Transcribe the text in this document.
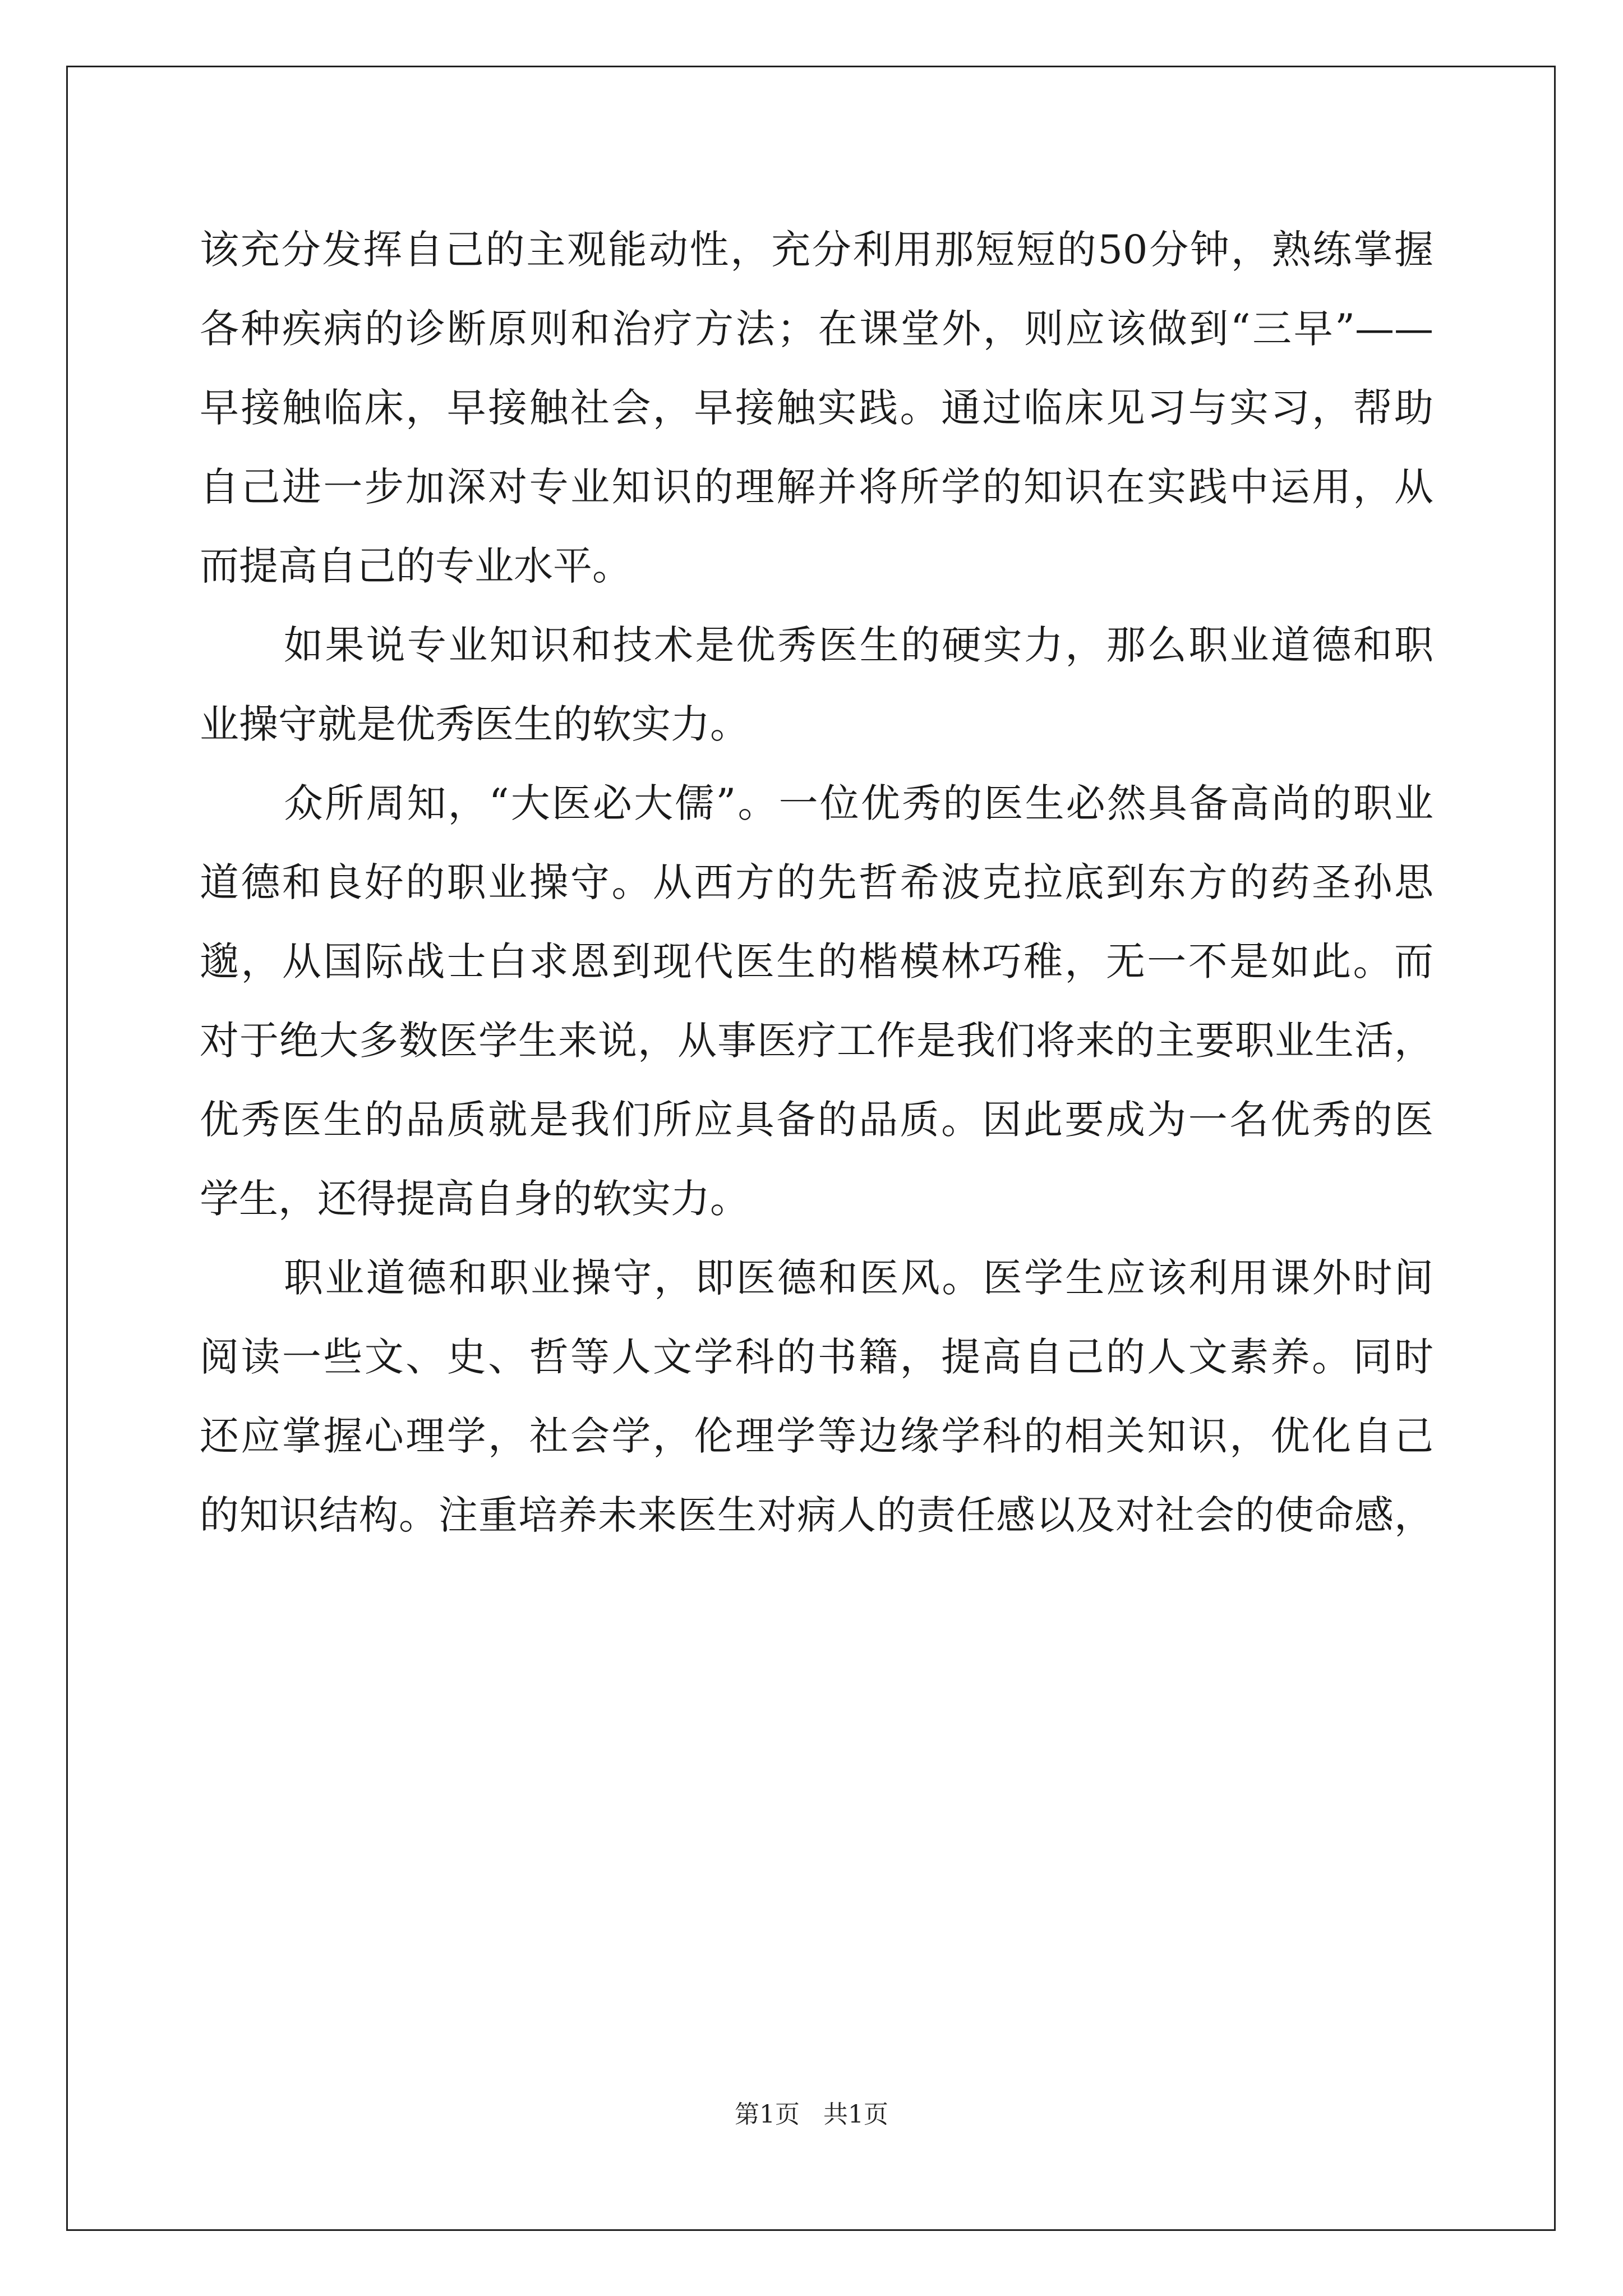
该充分发挥自己的主观能动性，充分利用那短短的50分钟，熟练掌握
各种疾病的诊断原则和治疗方法；在课堂外，则应该做到“三早”——
早接触临床，早接触社会，早接触实践。通过临床见习与实习，帮助
自己进一步加深对专业知识的理解并将所学的知识在实践中运用，从
而提高自己的专业水平。
如果说专业知识和技术是优秀医生的硬实力，那么职业道德和职
业操守就是优秀医生的软实力。
众所周知，“大医必大儒”。一位优秀的医生必然具备高尚的职业
道德和良好的职业操守。从西方的先哲希波克拉底到东方的药圣孙思
邈，从国际战士白求恩到现代医生的楷模林巧稚，无一不是如此。而
对于绝大多数医学生来说，从事医疗工作是我们将来的主要职业生活，
优秀医生的品质就是我们所应具备的品质。因此要成为一名优秀的医
学生，还得提高自身的软实力。
职业道德和职业操守，即医德和医风。医学生应该利用课外时间
阅读一些文、史、哲等人文学科的书籍，提高自己的人文素养。同时
还应掌握心理学，社会学，伦理学等边缘学科的相关知识，优化自己
的知识结构。注重培养未来医生对病人的责任感以及对社会的使命感，
第1页   共1页
